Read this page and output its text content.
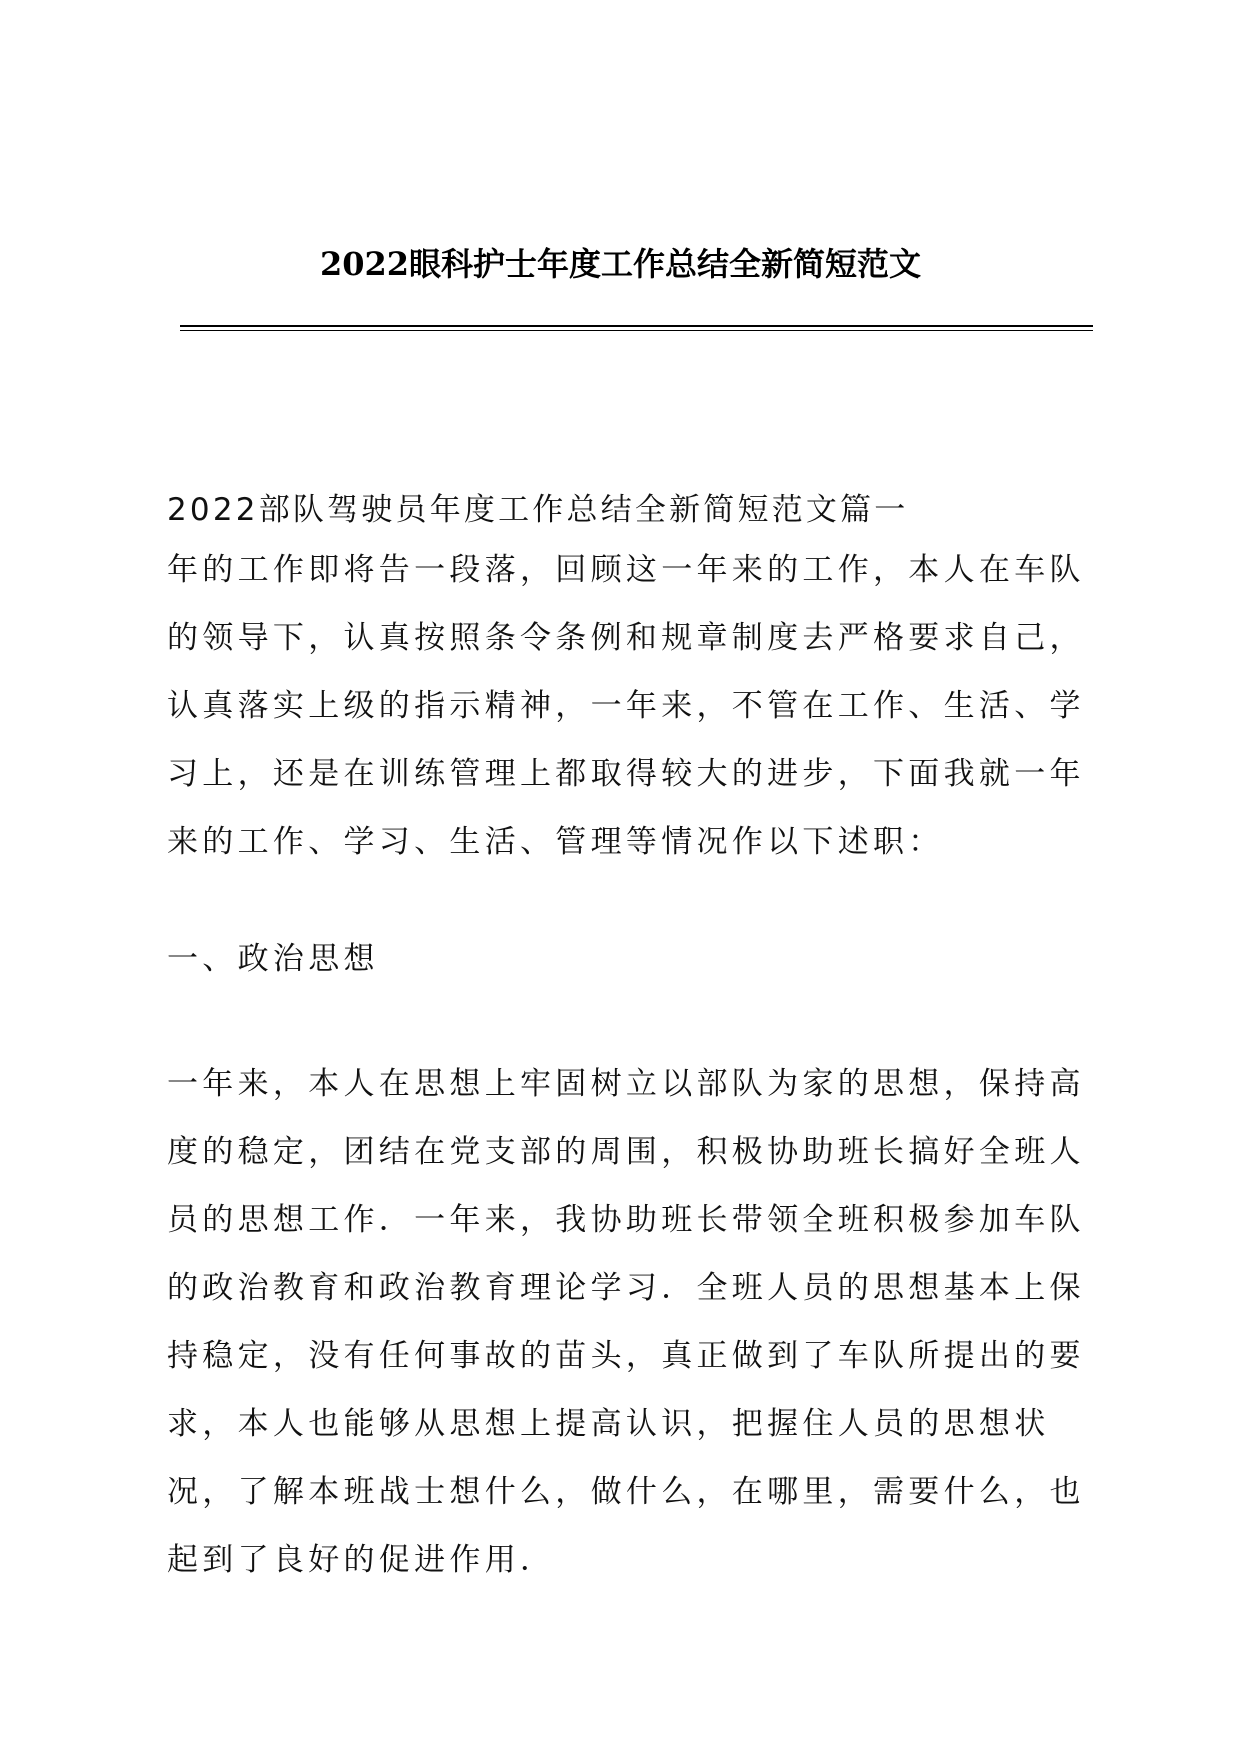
2022眼科护士年度工作总结全新简短范文

2022部队驾驶员年度工作总结全新简短范文篇一

年的工作即将告一段落，回顾这一年来的工作，本人在车队的领导下，认真按照条令条例和规章制度去严格要求自己，认真落实上级的指示精神，一年来，不管在工作、生活、学习上，还是在训练管理上都取得较大的进步，下面我就一年来的工作、学习、生活、管理等情况作以下述职：

一、政治思想

一年来，本人在思想上牢固树立以部队为家的思想，保持高度的稳定，团结在党支部的周围，积极协助班长搞好全班人员的思想工作．一年来，我协助班长带领全班积极参加车队的政治教育和政治教育理论学习．全班人员的思想基本上保持稳定，没有任何事故的苗头，真正做到了车队所提出的要求，本人也能够从思想上提高认识，把握住人员的思想状况，了解本班战士想什么，做什么，在哪里，需要什么，也起到了良好的促进作用．
